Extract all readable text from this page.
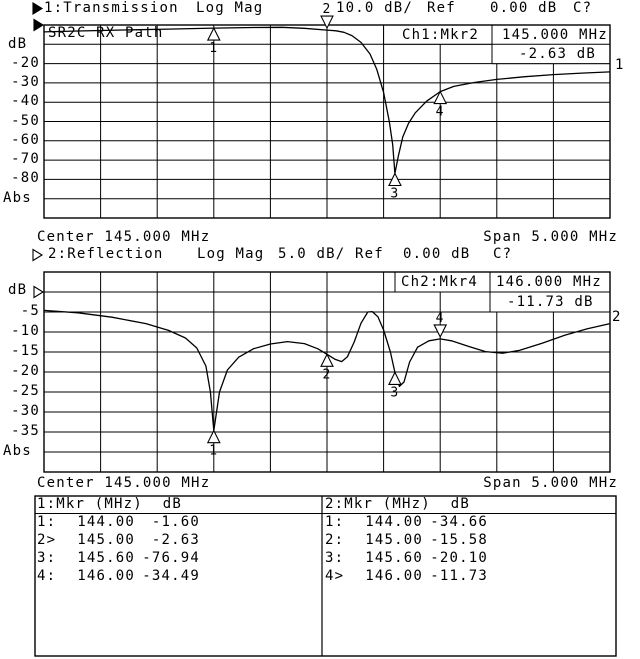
1
2
3
4
1
2
3
4
1:Transmission Log Mag	10.0 dB/ Ref 0.00 dB C?
SR2C RX Path	Ch1:Mkr2 145.000 MHz
-2.63 dB
dB
Abs
1
-20
-30
-40
-50
-60
-70
-80
Center 145.000 MHz	Span 5.000 MHz
2:Reflection Log Mag 5.0 dB/ Ref 0.00 dB C?
Ch2:Mkr4 146.000 MHz
-11.73 dB
dB
Abs
2
-5
-10
-15
-20
-25
-30
-35
Center 145.000 MHz	Span 5.000 MHz
1:Mkr (MHz)	dB	2:Mkr (MHz)	dB
1:	144.00	-1.60
2>	145.00	-2.63
3:	145.60 -76.94
4:	146.00 -34.49
1:	144.00 -34.66
2:	145.00 -15.58
3:	145.60 -20.10
4>	146.00 -11.73
